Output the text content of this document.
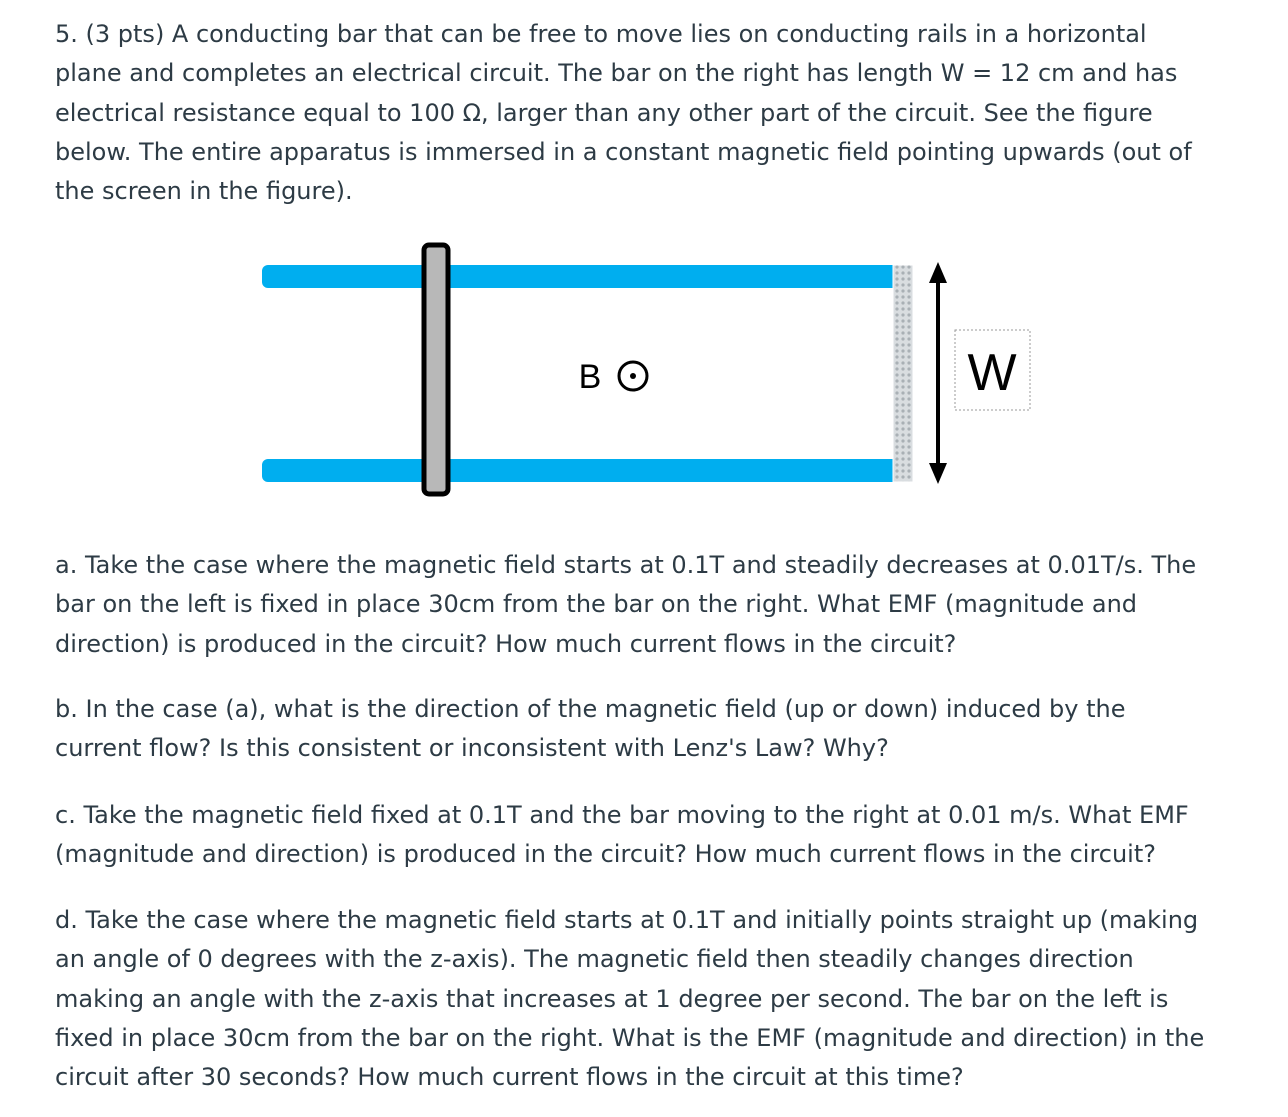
5. (3 pts) A conducting bar that can be free to move lies on conducting rails in a horizontal
plane and completes an electrical circuit. The bar on the right has length W = 12 cm and has
electrical resistance equal to 100 Ω, larger than any other part of the circuit. See the figure
below. The entire apparatus is immersed in a constant magnetic field pointing upwards (out of
the screen in the figure).
W
B
a. Take the case where the magnetic field starts at 0.1T and steadily decreases at 0.01T/s. The
bar on the left is fixed in place 30cm from the bar on the right. What EMF (magnitude and
direction) is produced in the circuit? How much current flows in the circuit?
b. In the case (a), what is the direction of the magnetic field (up or down) induced by the
current flow? Is this consistent or inconsistent with Lenz's Law? Why?
c. Take the magnetic field fixed at 0.1T and the bar moving to the right at 0.01 m/s. What EMF
(magnitude and direction) is produced in the circuit? How much current flows in the circuit?
d. Take the case where the magnetic field starts at 0.1T and initially points straight up (making
an angle of 0 degrees with the z-axis). The magnetic field then steadily changes direction
making an angle with the z-axis that increases at 1 degree per second. The bar on the left is
fixed in place 30cm from the bar on the right. What is the EMF (magnitude and direction) in the
circuit after 30 seconds? How much current flows in the circuit at this time?
